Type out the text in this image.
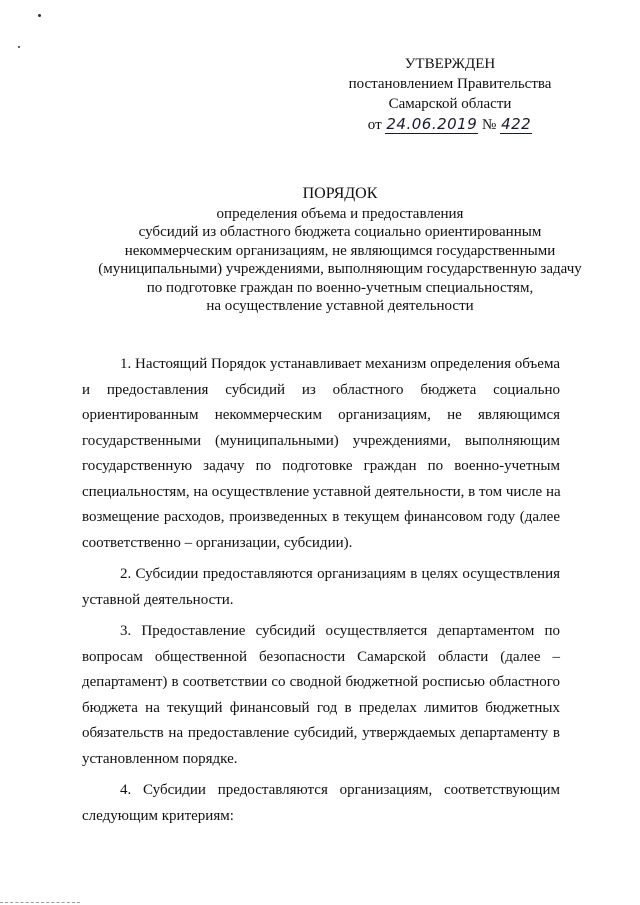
УТВЕРЖДЕН
постановлением Правительства
Самарской области
от 24.06.2019 № 422
ПОРЯДОК
определения объема и предоставления
субсидий из областного бюджета социально ориентированным
некоммерческим организациям, не являющимся государственными
(муниципальными) учреждениями, выполняющим государственную задачу
по подготовке граждан по военно-учетным специальностям,
на осуществление уставной деятельности
1. Настоящий Порядок устанавливает механизм определения объема
и предоставления субсидий из областного бюджета социально
ориентированным некоммерческим организациям, не являющимся
государственными (муниципальными) учреждениями, выполняющим
государственную задачу по подготовке граждан по военно-учетным
специальностям, на осуществление уставной деятельности, в том числе на
возмещение расходов, произведенных в текущем финансовом году (далее
соответственно – организации, субсидии).
2. Субсидии предоставляются организациям в целях осуществления
уставной деятельности.
3. Предоставление субсидий осуществляется департаментом по
вопросам общественной безопасности Самарской области (далее –
департамент) в соответствии со сводной бюджетной росписью областного
бюджета на текущий финансовый год в пределах лимитов бюджетных
обязательств на предоставление субсидий, утверждаемых департаменту в
установленном порядке.
4. Субсидии предоставляются организациям, соответствующим
следующим критериям:
